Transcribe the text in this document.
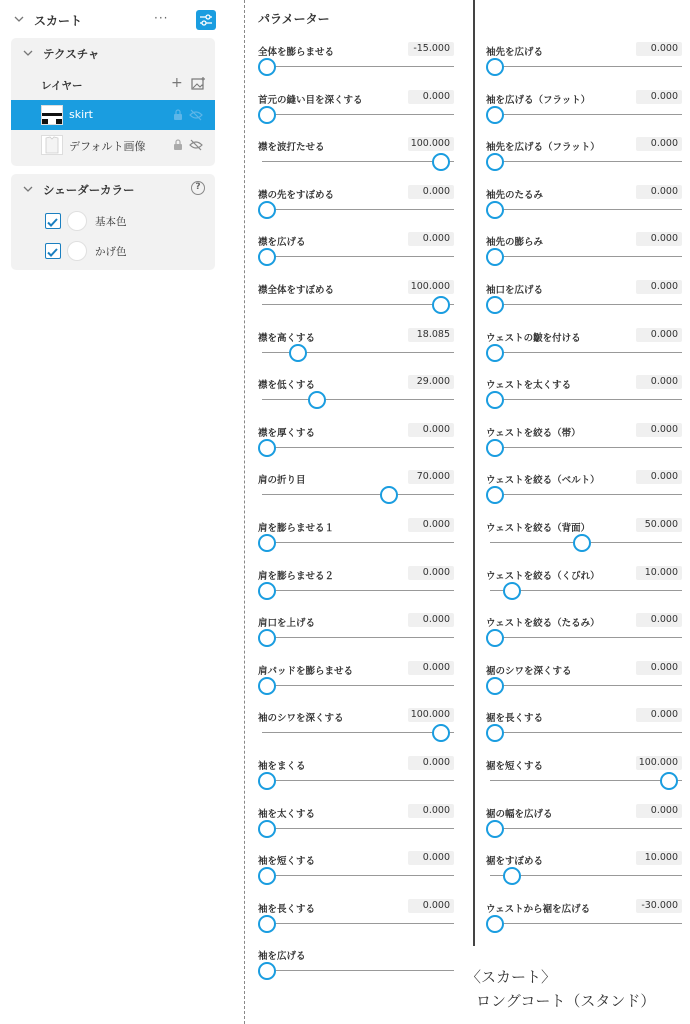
スカート	···
テクスチャ
レイヤー	+
skirt
デフォルト画像
シェーダーカラー	?
基本色
かげ色
パラメーター
全体を膨らませる	-15.000
首元の縫い目を深くする	0.000
襟を波打たせる	100.000
襟の先をすぼめる	0.000
襟を広げる	0.000
襟全体をすぼめる	100.000
襟を高くする	18.085
襟を低くする	29.000
襟を厚くする	0.000
肩の折り目	70.000
肩を膨らませる１	0.000
肩を膨らませる２	0.000
肩口を上げる	0.000
肩パッドを膨らませる	0.000
袖のシワを深くする	100.000
袖をまくる	0.000
袖を太くする	0.000
袖を短くする	0.000
袖を長くする	0.000
袖を広げる
袖先を広げる	0.000
袖を広げる（フラット）	0.000
袖先を広げる（フラット）	0.000
袖先のたるみ	0.000
袖先の膨らみ	0.000
袖口を広げる	0.000
ウェストの皺を付ける	0.000
ウェストを太くする	0.000
ウェストを絞る（帯）	0.000
ウェストを絞る（ベルト）	0.000
ウェストを絞る（背面）	50.000
ウェストを絞る（くびれ）	10.000
ウェストを絞る（たるみ）	0.000
裾のシワを深くする	0.000
裾を長くする	0.000
裾を短くする	100.000
裾の幅を広げる	0.000
裾をすぼめる	10.000
ウェストから裾を広げる	-30.000
〈スカート〉
ロングコート（スタンド）
